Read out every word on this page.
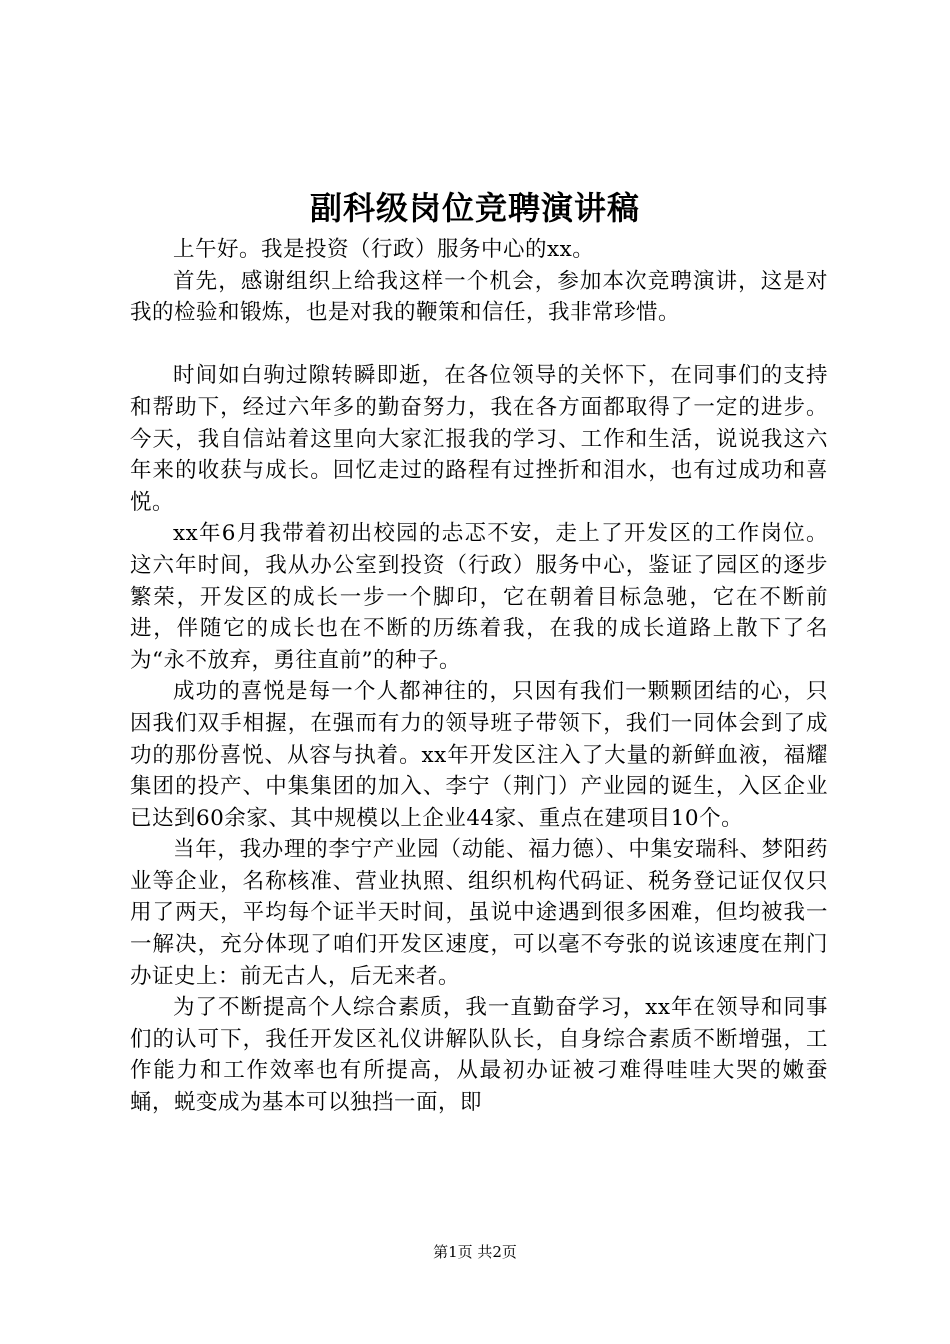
副科级岗位竞聘演讲稿

上午好。我是投资（行政）服务中心的xx。

首先，感谢组织上给我这样一个机会，参加本次竞聘演讲，这是对我的检验和锻炼，也是对我的鞭策和信任，我非常珍惜。

时间如白驹过隙转瞬即逝，在各位领导的关怀下，在同事们的支持和帮助下，经过六年多的勤奋努力，我在各方面都取得了一定的进步。今天，我自信站着这里向大家汇报我的学习、工作和生活，说说我这六年来的收获与成长。回忆走过的路程有过挫折和泪水，也有过成功和喜悦。

xx年6月我带着初出校园的忐忑不安，走上了开发区的工作岗位。这六年时间，我从办公室到投资（行政）服务中心，鉴证了园区的逐步繁荣，开发区的成长一步一个脚印，它在朝着目标急驰，它在不断前进，伴随它的成长也在不断的历练着我，在我的成长道路上散下了名为“永不放弃，勇往直前”的种子。

成功的喜悦是每一个人都神往的，只因有我们一颗颗团结的心，只因我们双手相握，在强而有力的领导班子带领下，我们一同体会到了成功的那份喜悦、从容与执着。xx年开发区注入了大量的新鲜血液，福耀集团的投产、中集集团的加入、李宁（荆门）产业园的诞生，入区企业已达到60余家、其中规模以上企业44家、重点在建项目10个。

当年，我办理的李宁产业园（动能、福力德）、中集安瑞科、梦阳药业等企业，名称核准、营业执照、组织机构代码证、税务登记证仅仅只用了两天，平均每个证半天时间，虽说中途遇到很多困难，但均被我一一解决，充分体现了咱们开发区速度，可以毫不夸张的说该速度在荆门办证史上：前无古人，后无来者。

为了不断提高个人综合素质，我一直勤奋学习，xx年在领导和同事们的认可下，我任开发区礼仪讲解队队长，自身综合素质不断增强，工作能力和工作效率也有所提高，从最初办证被刁难得哇哇大哭的嫩蚕蛹，蜕变成为基本可以独挡一面，即

第1页 共2页
